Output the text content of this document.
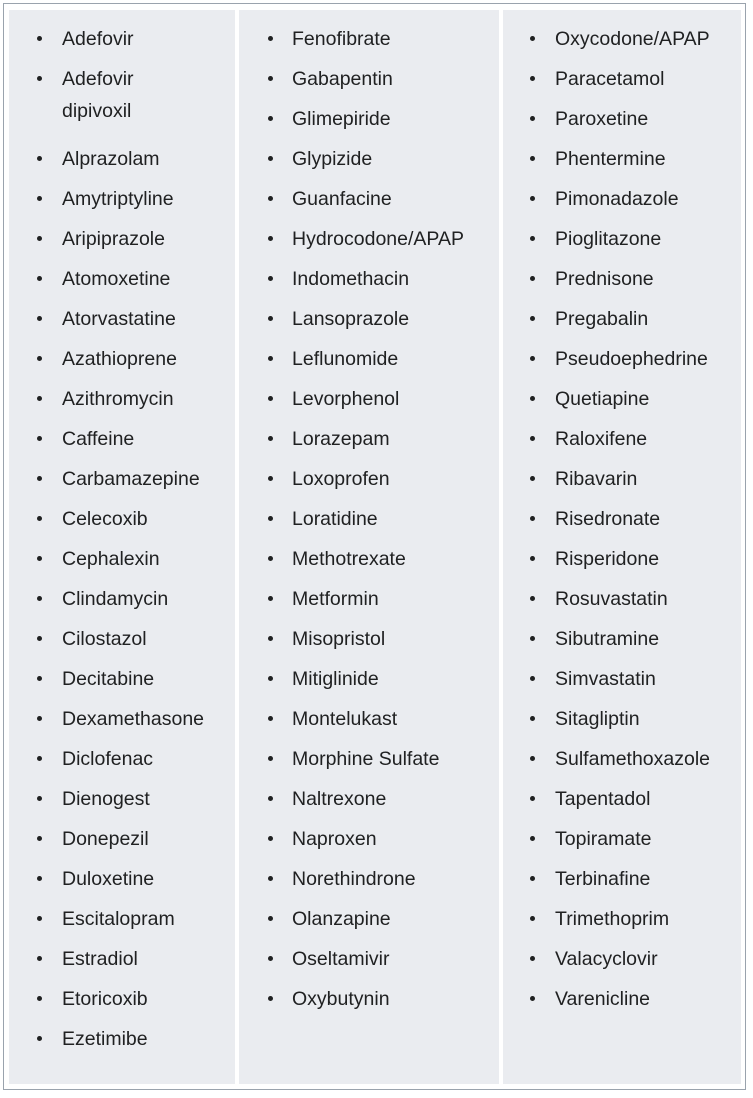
Adefovir
Adefovir dipivoxil
Alprazolam
Amytriptyline
Aripiprazole
Atomoxetine
Atorvastatine
Azathioprene
Azithromycin
Caffeine
Carbamazepine
Celecoxib
Cephalexin
Clindamycin
Cilostazol
Decitabine
Dexamethasone
Diclofenac
Dienogest
Donepezil
Duloxetine
Escitalopram
Estradiol
Etoricoxib
Ezetimibe
Fenofibrate
Gabapentin
Glimepiride
Glypizide
Guanfacine
Hydrocodone/APAP
Indomethacin
Lansoprazole
Leflunomide
Levorphenol
Lorazepam
Loxoprofen
Loratidine
Methotrexate
Metformin
Misopristol
Mitiglinide
Montelukast
Morphine Sulfate
Naltrexone
Naproxen
Norethindrone
Olanzapine
Oseltamivir
Oxybutynin
Oxycodone/APAP
Paracetamol
Paroxetine
Phentermine
Pimonadazole
Pioglitazone
Prednisone
Pregabalin
Pseudoephedrine
Quetiapine
Raloxifene
Ribavarin
Risedronate
Risperidone
Rosuvastatin
Sibutramine
Simvastatin
Sitagliptin
Sulfamethoxazole
Tapentadol
Topiramate
Terbinafine
Trimethoprim
Valacyclovir
Varenicline
